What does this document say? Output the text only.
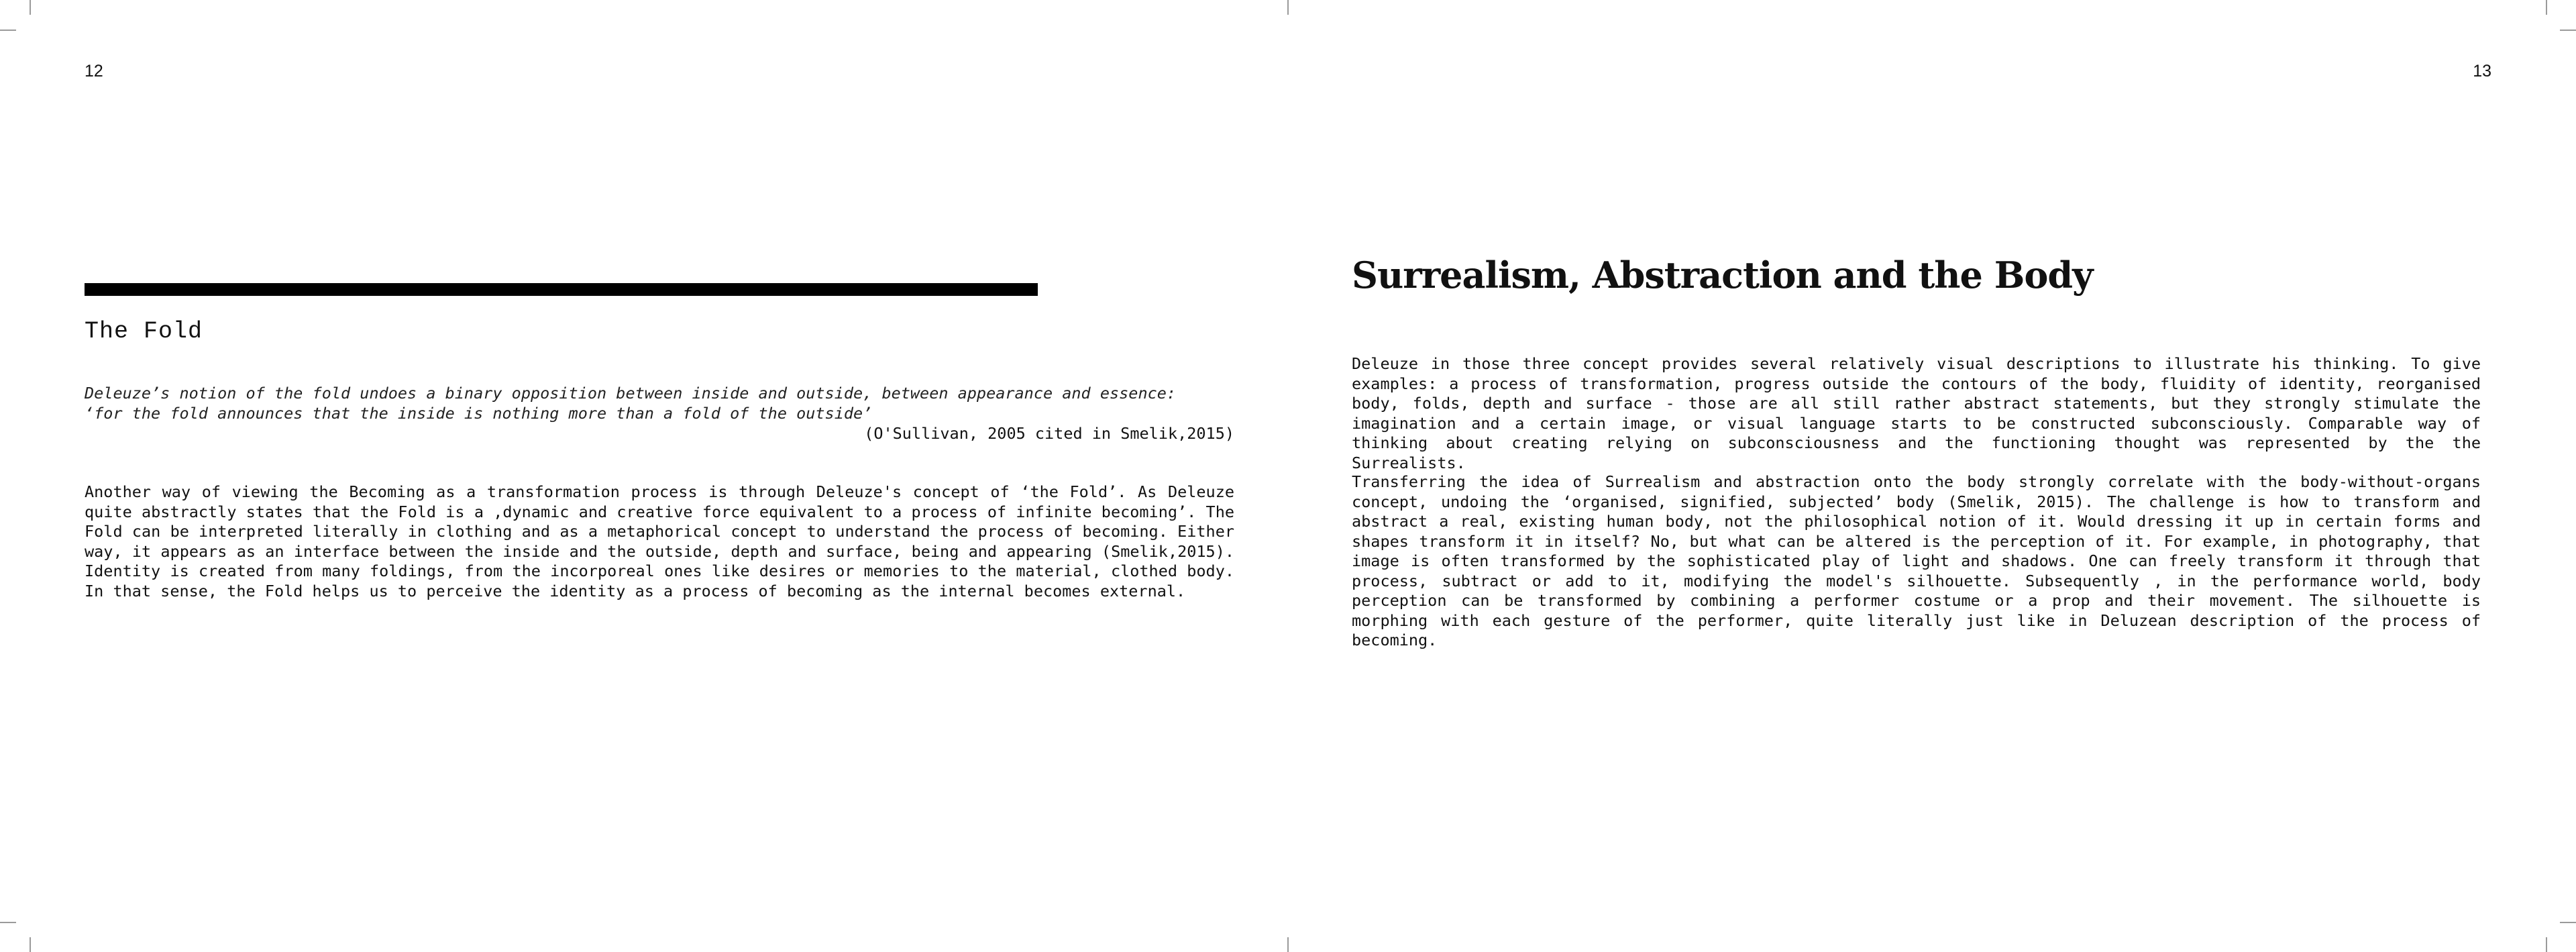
12

The Fold

Deleuze’s notion of the fold undoes a binary opposition between inside and outside, between appearance and essence:

‘for the fold announces that the inside is nothing more than a fold of the outside’

(O'Sullivan, 2005 cited in Smelik,2015)

Another way of viewing the Becoming as a transformation process is through Deleuze's concept of ‘the Fold’. As Deleuze quite abstractly states that the Fold is a ‚dynamic and creative force equivalent to a process of infinite becoming’. The Fold can be interpreted literally in clothing and as a metaphorical concept to understand the process of becoming. Either way, it appears as an interface between the inside and the outside, depth and surface, being and appearing (Smelik,2015). Identity is created from many foldings, from the incorporeal ones like desires or memories to the material, clothed body. In that sense, the Fold helps us to perceive the identity as a process of becoming as the internal becomes external.

13

Surrealism, Abstraction and the Body

Deleuze in those three concept provides several relatively visual descriptions to illustrate his thinking. To give examples: a process of transformation, progress outside the contours of the body, fluidity of identity, reorganised body, folds, depth and surface - those are all still rather abstract statements, but they strongly stimulate the imagination and a certain image, or visual language starts to be constructed subconsciously. Comparable way of thinking about creating relying on subconsciousness and the functioning thought was represented by the the Surrealists.

Transferring the idea of Surrealism and abstraction onto the body strongly correlate with the body-without-organs concept, undoing the ‘organised, signified, subjected’ body (Smelik, 2015). The challenge is how to transform and abstract a real, existing human body, not the philosophical notion of it. Would dressing it up in certain forms and shapes transform it in itself? No, but what can be altered is the perception of it. For example, in photography, that image is often transformed by the sophisticated play of light and shadows. One can freely transform it through that process, subtract or add to it, modifying the model's silhouette. Subsequently , in the performance world, body perception can be transformed by combining a performer costume or a prop and their movement. The silhouette is morphing with each gesture of the performer, quite literally just like in Deluzean description of the process of becoming.
